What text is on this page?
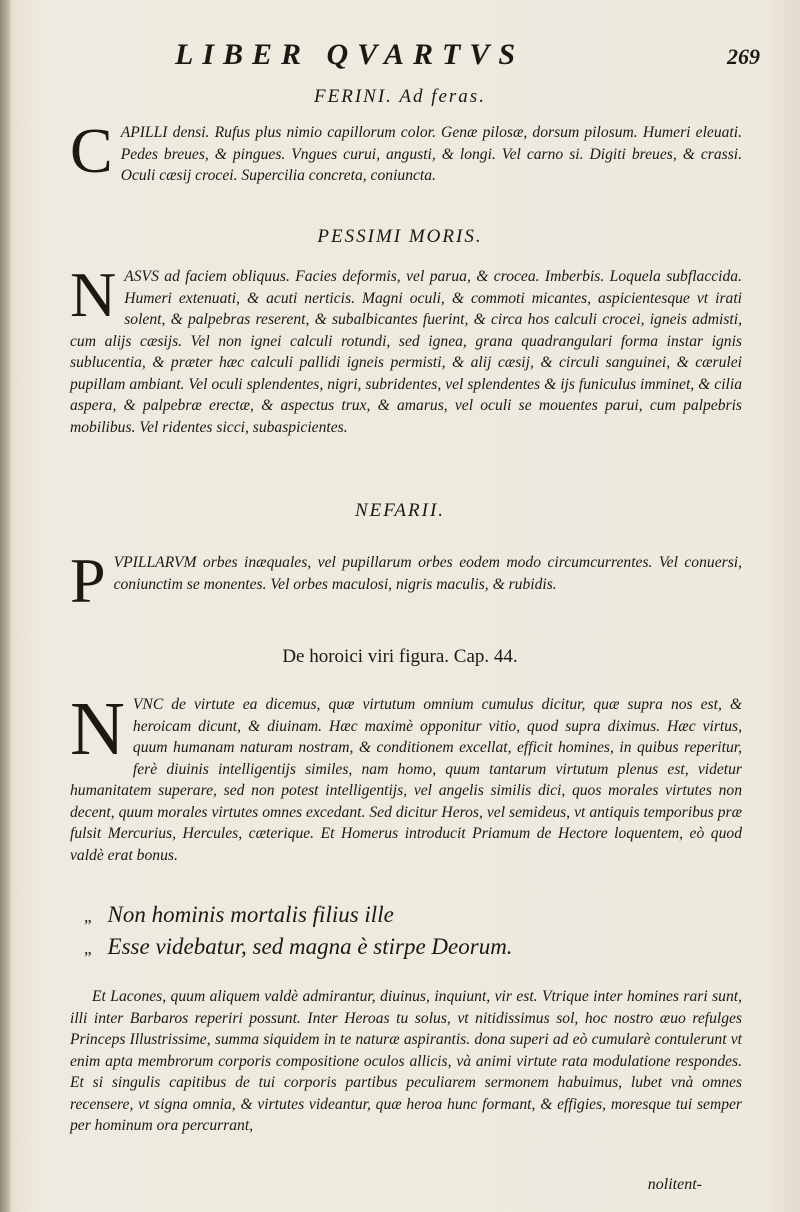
LIBER QVARTVS	269
FERINI. Ad feras.

C APILLI densi. Rufus plus nimio capillorum color. Genæ pilosæ, dorsum pilosum. Humeri eleuati. Pedes breues, & pingues. Vngues curui, angusti, & longi. Vel carno si. Digiti breues, & crassi. Oculi cæsij crocei. Supercilia concreta, coniuncta.

PESSIMI MORIS.

N ASVS ad faciem obliquus. Facies deformis, vel parua, & crocea. Imberbis. Loquela subflaccida. Humeri extenuati, & acuti nerticis. Magni oculi, & commoti micantes, aspicientesque vt irati solent, & palpebras reserent, & subalbicantes fuerint, & circa hos calculi crocei, igneis admisti, cum alijs cæsijs. Vel non ignei calculi rotundi, sed ignea, grana quadrangulari forma instar ignis sublucentia, & præter hæc calculi pallidi igneis permisti, & alij cæsij, & circuli sanguinei, & cærulei pupillam ambiant. Vel oculi splendentes, nigri, subridentes, vel splendentes & ijs funiculus imminet, & cilia aspera, & palpebræ erectæ, & aspectus trux, & amarus, vel oculi se mouentes parui, cum palpebris mobilibus. Vel ridentes sicci, subaspicientes.

NEFARII.

P VPILLARVM orbes inæquales, vel pupillarum orbes eodem modo circumcurrentes. Vel conuersi, coniunctim se monentes. Vel orbes maculosi, nigris maculis, & rubidis.

De horoici viri figura. Cap. 44.

N VNC de virtute ea dicemus, quæ virtutum omnium cumulus dicitur, quæ supra nos est, & heroicam dicunt, & diuinam. Hæc maximè opponitur vitio, quod supra diximus. Hæc virtus, quum humanam naturam nostram, & conditionem excellat, efficit homines, in quibus reperitur, ferè diuinis intelligentijs similes, nam homo, quum tantarum virtutum plenus est, videtur humanitatem superare, sed non potest intelligentijs, vel angelis similis dici, quos morales virtutes non decent, quum morales virtutes omnes excedant. Sed dicitur Heros, vel semideus, vt antiquis temporibus præ fulsit Mercurius, Hercules, cæterique. Et Homerus introducit Priamum de Hectore loquentem, eò quod valdè erat bonus.

„ Non hominis mortalis filius ille
„ Esse videbatur, sed magna è stirpe Deorum.

Et Lacones, quum aliquem valdè admirantur, diuinus, inquiunt, vir est. Vtrique inter homines rari sunt, illi inter Barbaros reperiri possunt. Inter Heroas tu solus, vt nitidissimus sol, hoc nostro æuo refulges Princeps Illustrissime, summa siquidem in te naturæ aspirantis. dona superi ad eò cumularè contulerunt vt enim apta membrorum corporis compositione oculos allicis, và animi virtute rata modulatione respondes. Et si singulis capitibus de tui corporis partibus peculiarem sermonem habuimus, lubet vnà omnes recensere, vt signa omnia, & virtutes videantur, quæ heroa hunc formant, & effigies, moresque tui semper per hominum ora percurrant,

nolitent-
